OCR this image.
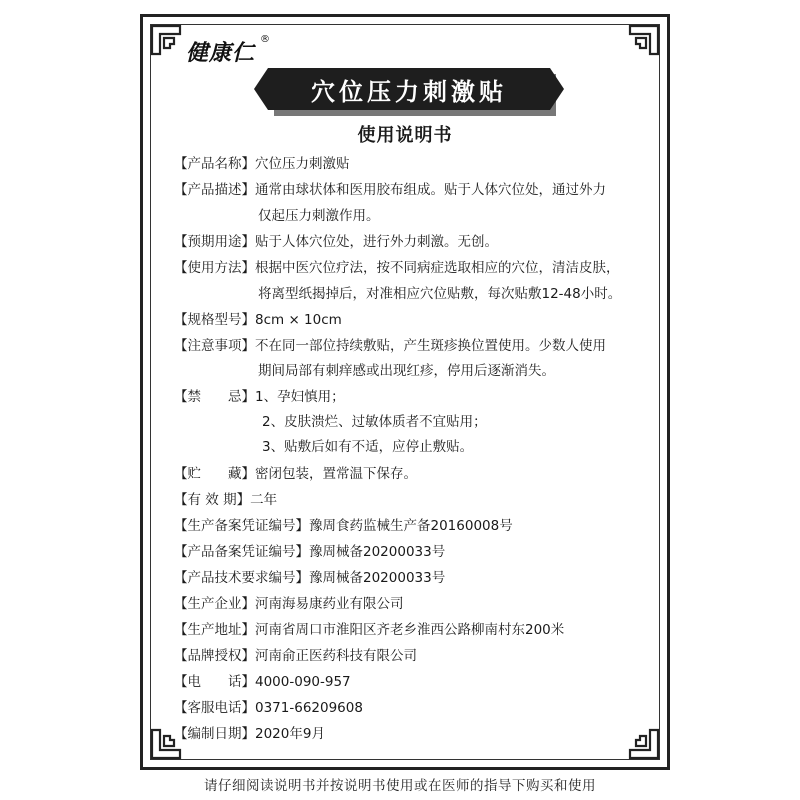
健康仁
®
穴位压力刺激贴
使用说明书
【产品名称】穴位压力刺激贴
【产品描述】通常由球状体和医用胶布组成。贴于人体穴位处，通过外力
仅起压力刺激作用。
【预期用途】贴于人体穴位处，进行外力刺激。无创。
【使用方法】根据中医穴位疗法，按不同病症选取相应的穴位，清洁皮肤，
将离型纸揭掉后，对准相应穴位贴敷，每次贴敷12-48小时。
【规格型号】8cm × 10cm
【注意事项】不在同一部位持续敷贴，产生斑疹换位置使用。少数人使用
期间局部有刺痒感或出现红疹，停用后逐渐消失。
【禁　　忌】1、孕妇慎用；
2、皮肤溃烂、过敏体质者不宜贴用；
3、贴敷后如有不适，应停止敷贴。
【贮　　藏】密闭包装，置常温下保存。
【有 效 期】二年
【生产备案凭证编号】豫周食药监械生产备20160008号
【产品备案凭证编号】豫周械备20200033号
【产品技术要求编号】豫周械备20200033号
【生产企业】河南海易康药业有限公司
【生产地址】河南省周口市淮阳区齐老乡淮西公路柳南村东200米
【品牌授权】河南俞正医药科技有限公司
【电　　话】4000-090-957
【客服电话】0371-66209608
【编制日期】2020年9月
请仔细阅读说明书并按说明书使用或在医师的指导下购买和使用
